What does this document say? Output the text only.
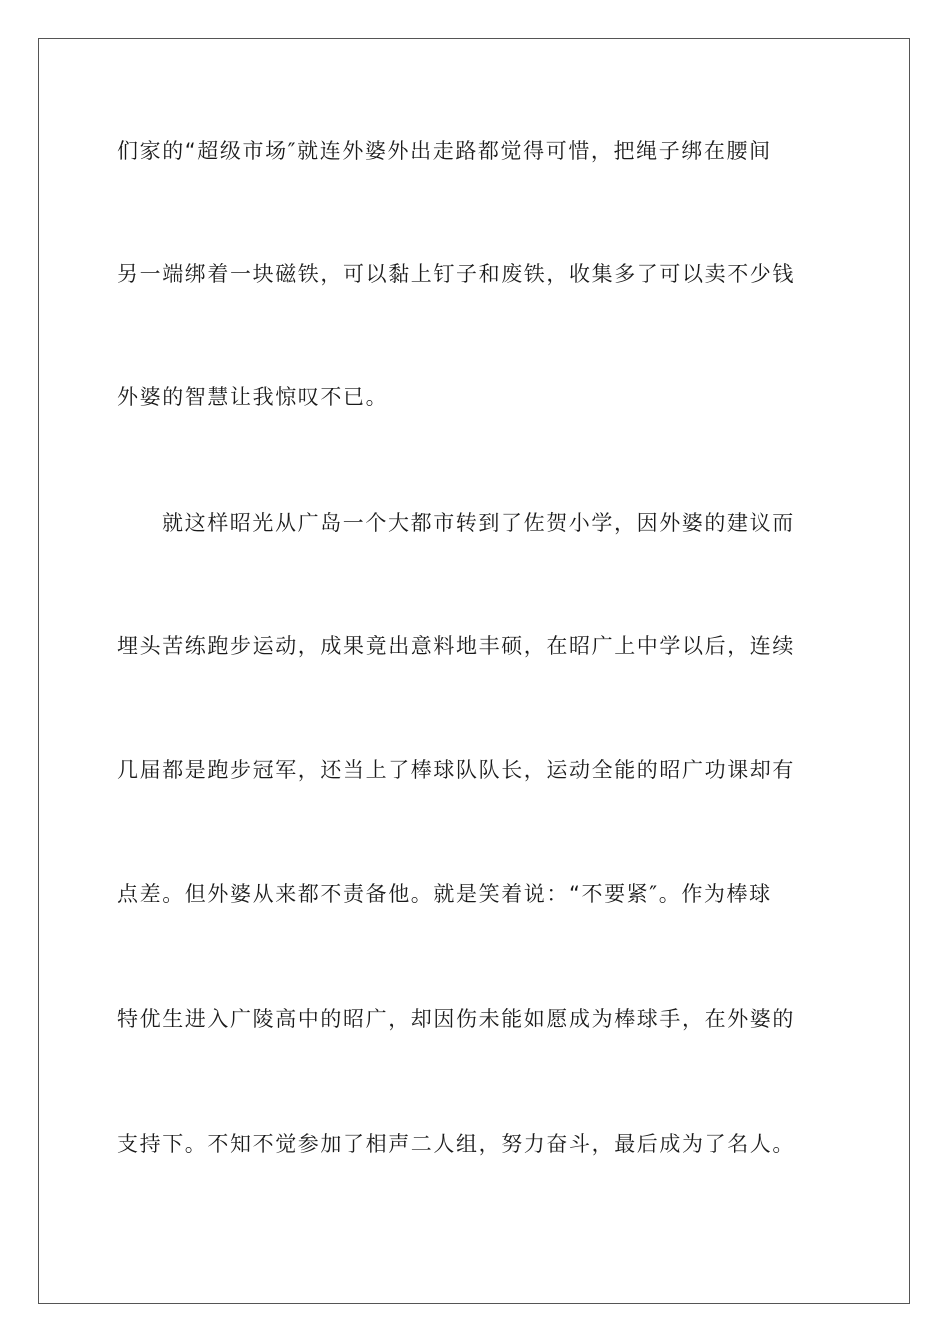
们家的“超级市场″就连外婆外出走路都觉得可惜，把绳子绑在腰间
另一端绑着一块磁铁，可以黏上钉子和废铁，收集多了可以卖不少钱
外婆的智慧让我惊叹不已。
就这样昭光从广岛一个大都市转到了佐贺小学，因外婆的建议而
埋头苦练跑步运动，成果竟出意料地丰硕，在昭广上中学以后，连续
几届都是跑步冠军，还当上了棒球队队长，运动全能的昭广功课却有
点差。但外婆从来都不责备他。就是笑着说：“不要紧″。作为棒球
特优生进入广陵高中的昭广，却因伤未能如愿成为棒球手，在外婆的
支持下。不知不觉参加了相声二人组，努力奋斗，最后成为了名人。
